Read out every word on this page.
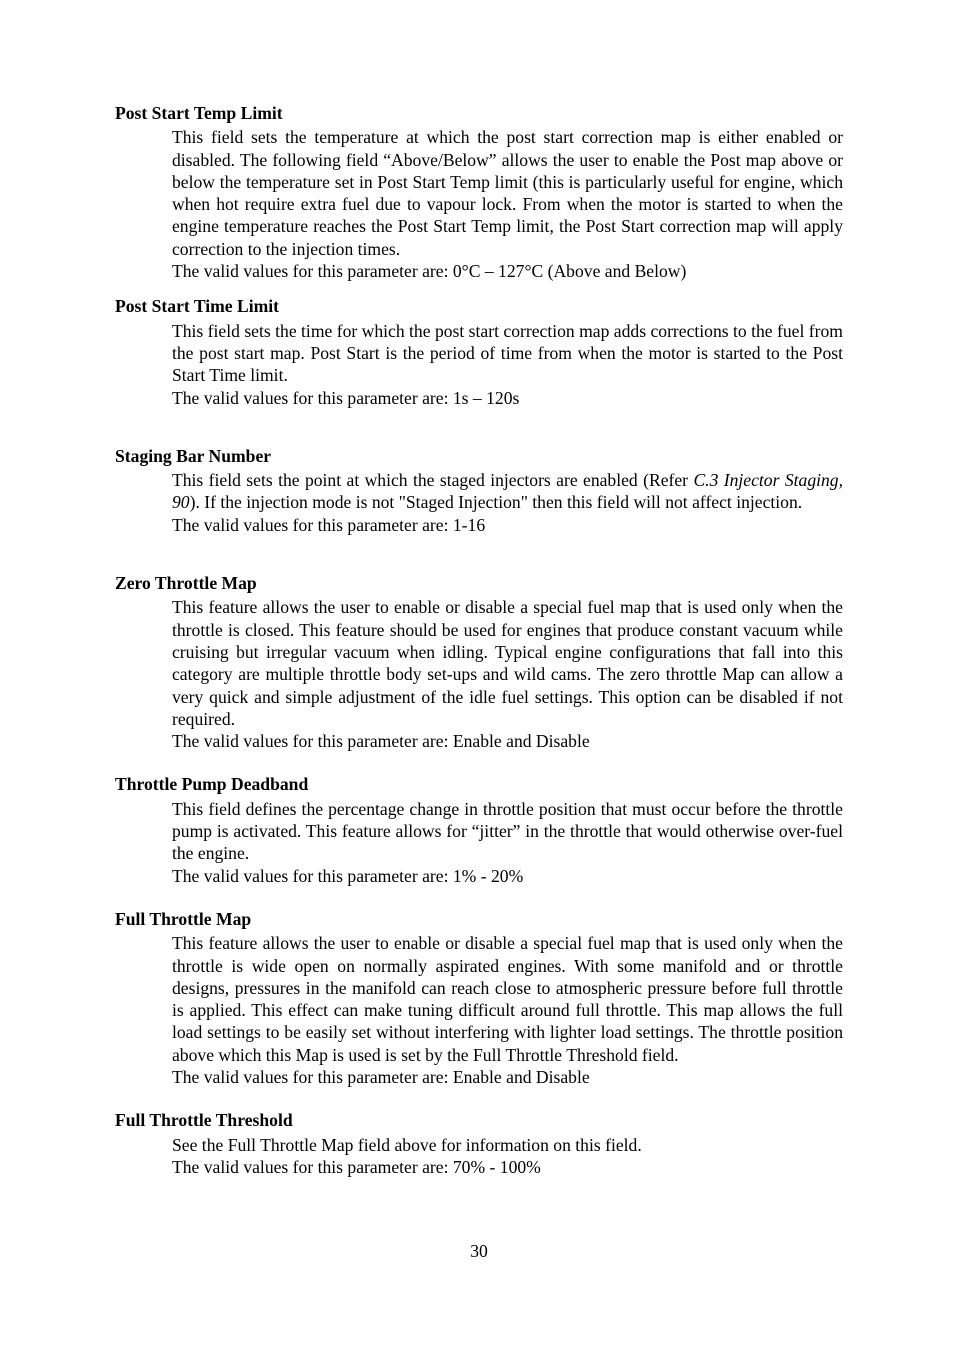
Post Start Temp Limit
This field sets the temperature at which the post start correction map is either enabled or disabled. The following field “Above/Below” allows the user to enable the Post map above or below the temperature set in Post Start Temp limit (this is particularly useful for engine, which when hot require extra fuel due to vapour lock. From when the motor is started to when the engine temperature reaches the Post Start Temp limit, the Post Start correction map will apply correction to the injection times.
The valid values for this parameter are: 0°C – 127°C (Above and Below)
Post Start Time Limit
This field sets the time for which the post start correction map adds corrections to the fuel from the post start map. Post Start is the period of time from when the motor is started to the Post Start Time limit.
The valid values for this parameter are: 1s – 120s
Staging Bar Number
This field sets the point at which the staged injectors are enabled (Refer C.3 Injector Staging, 90). If the injection mode is not "Staged Injection" then this field will not affect injection.
The valid values for this parameter are: 1-16
Zero Throttle Map
This feature allows the user to enable or disable a special fuel map that is used only when the throttle is closed. This feature should be used for engines that produce constant vacuum while cruising but irregular vacuum when idling. Typical engine configurations that fall into this category are multiple throttle body set-ups and wild cams. The zero throttle Map can allow a very quick and simple adjustment of the idle fuel settings. This option can be disabled if not required.
The valid values for this parameter are: Enable and Disable
Throttle Pump Deadband
This field defines the percentage change in throttle position that must occur before the throttle pump is activated. This feature allows for “jitter” in the throttle that would otherwise over-fuel the engine.
The valid values for this parameter are: 1% - 20%
Full Throttle Map
This feature allows the user to enable or disable a special fuel map that is used only when the throttle is wide open on normally aspirated engines. With some manifold and or throttle designs, pressures in the manifold can reach close to atmospheric pressure before full throttle is applied. This effect can make tuning difficult around full throttle. This map allows the full load settings to be easily set without interfering with lighter load settings. The throttle position above which this Map is used is set by the Full Throttle Threshold field.
The valid values for this parameter are: Enable and Disable
Full Throttle Threshold
See the Full Throttle Map field above for information on this field.
The valid values for this parameter are: 70% - 100%
30
